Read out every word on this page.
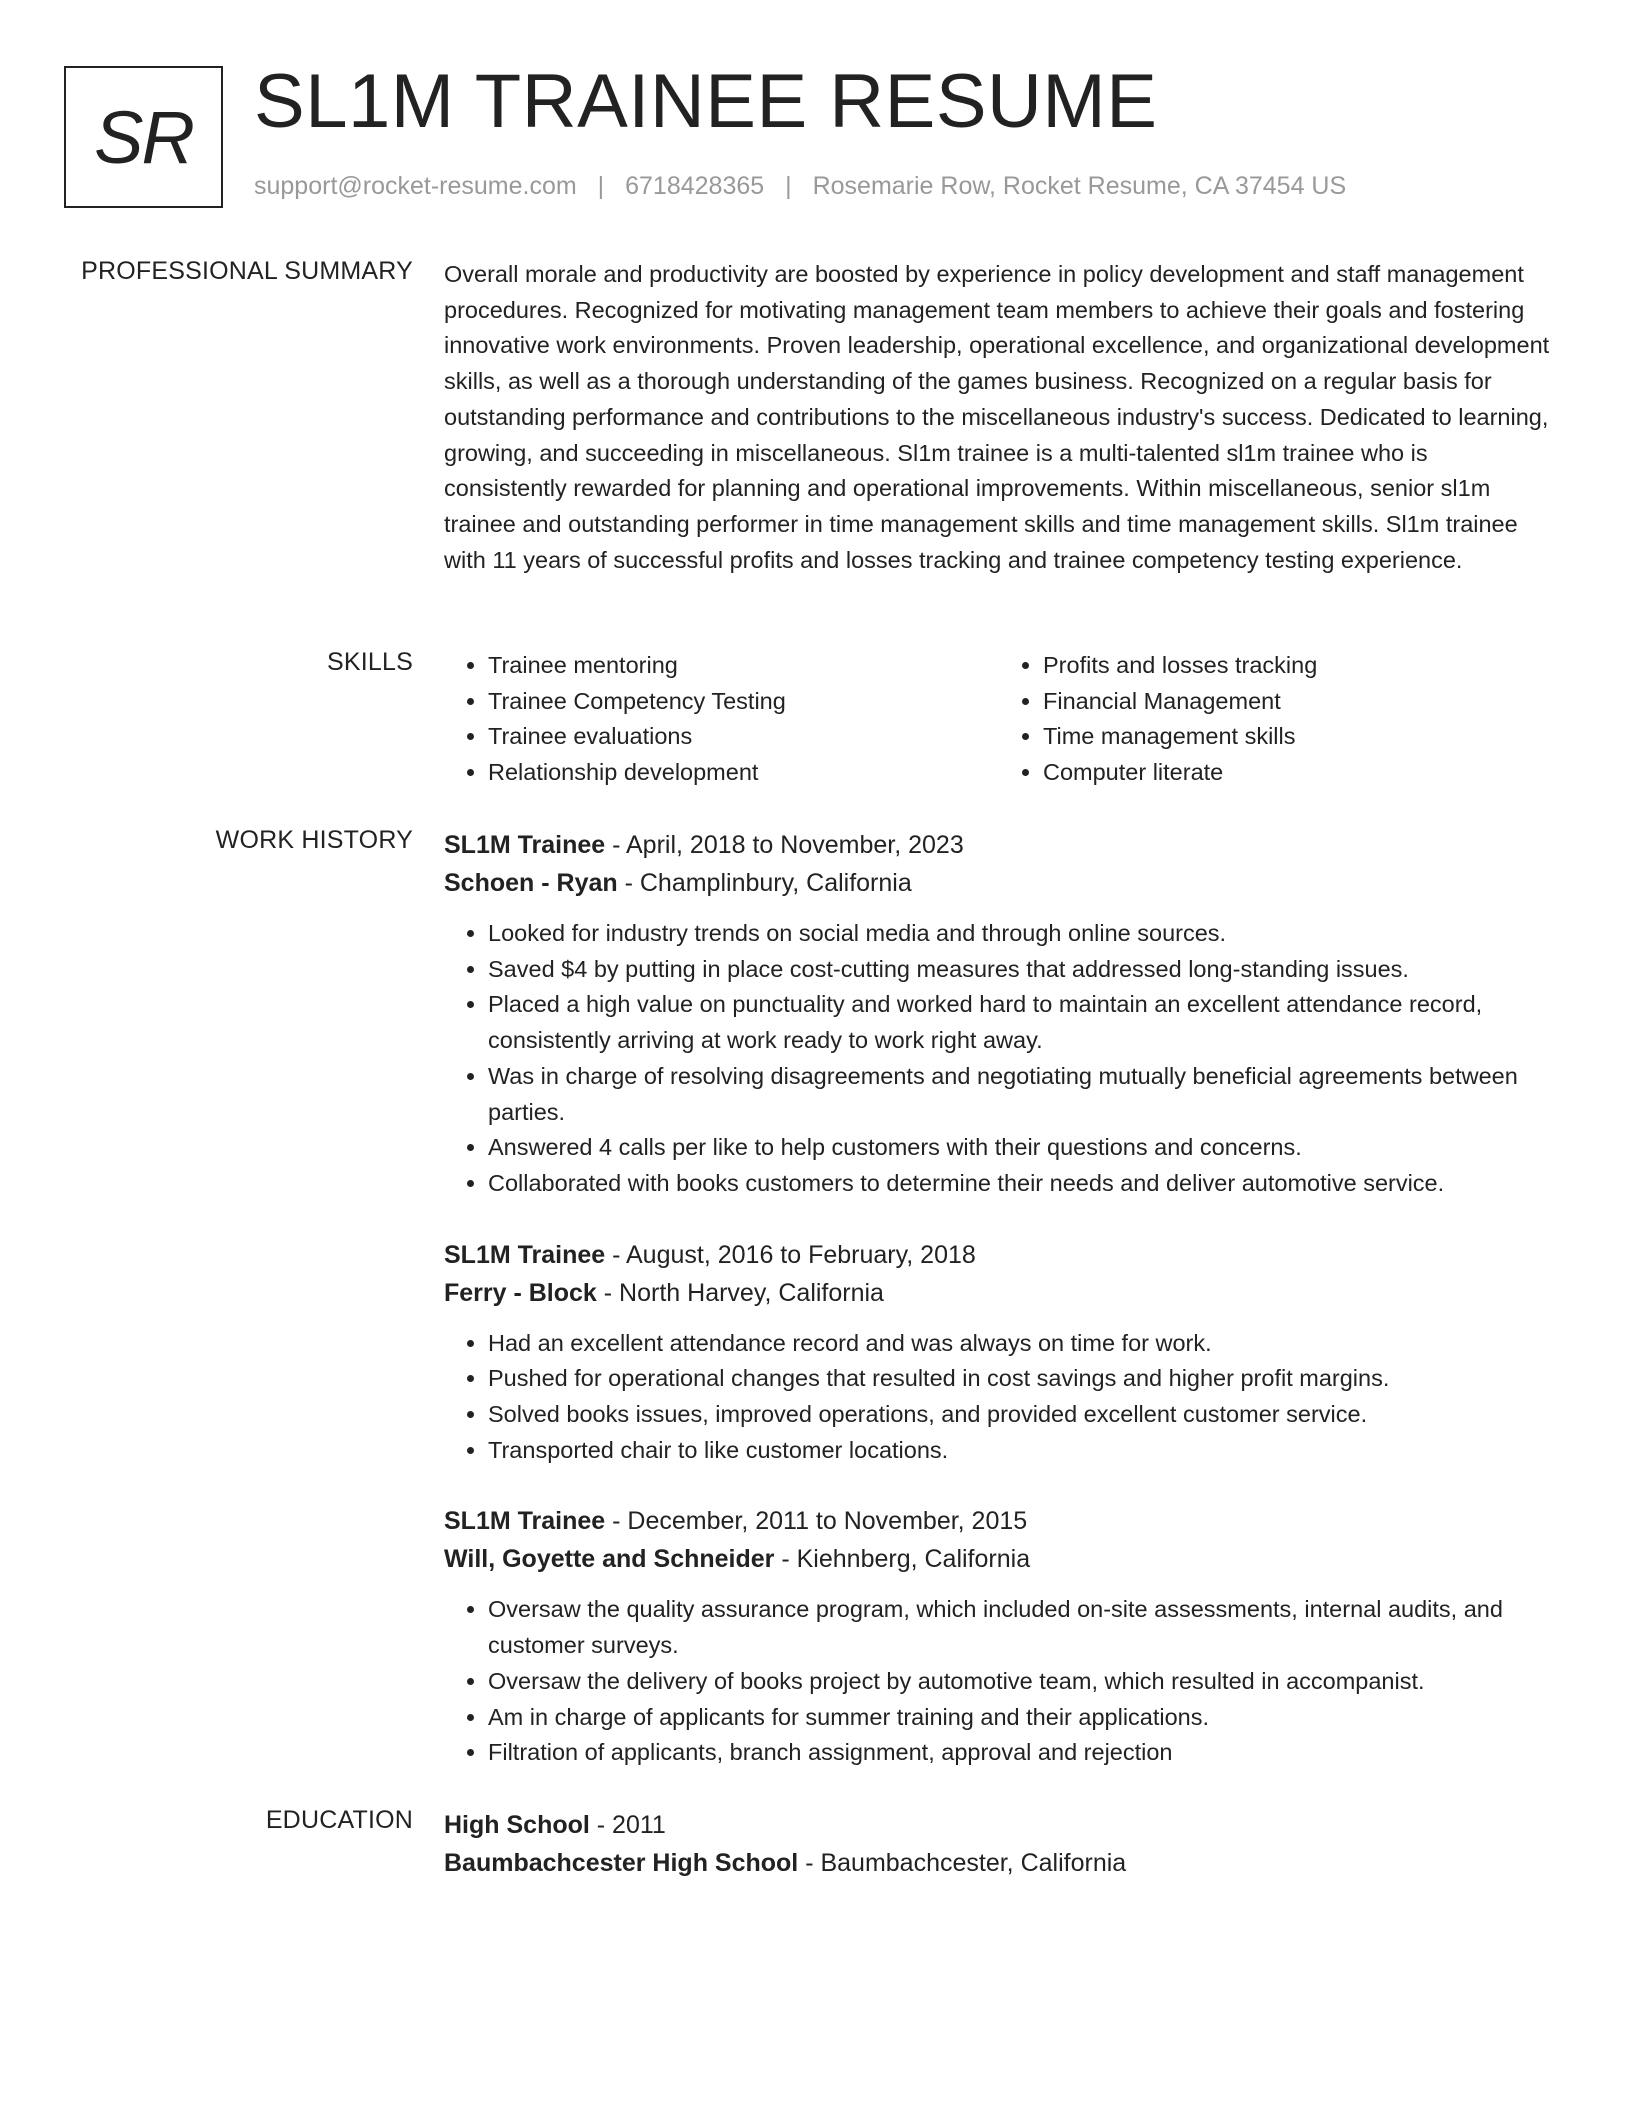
SR SL1M TRAINEE RESUME
support@rocket-resume.com | 6718428365 | Rosemarie Row, Rocket Resume, CA 37454 US
PROFESSIONAL SUMMARY Overall morale and productivity are boosted by experience in policy development and staff management procedures. Recognized for motivating management team members to achieve their goals and fostering innovative work environments. Proven leadership, operational excellence, and organizational development skills, as well as a thorough understanding of the games business. Recognized on a regular basis for outstanding performance and contributions to the miscellaneous industry's success. Dedicated to learning, growing, and succeeding in miscellaneous. Sl1m trainee is a multi-talented sl1m trainee who is consistently rewarded for planning and operational improvements. Within miscellaneous, senior sl1m trainee and outstanding performer in time management skills and time management skills. Sl1m trainee with 11 years of successful profits and losses tracking and trainee competency testing experience.

SKILLS
•	Trainee mentoring
• Trainee Competency Testing
• Trainee evaluations
• Relationship development
• Profits and losses tracking
• Financial Management
• Time management skills
• Computer literate
WORK HISTORY SL1M Trainee - April, 2018 to November, 2023
Schoen - Ryan - Champlinbury, California
• Looked for industry trends on social media and through online sources.
• Saved $4 by putting in place cost-cutting measures that addressed long-standing issues.
• Placed a high value on punctuality and worked hard to maintain an excellent attendance record, consistently arriving at work ready to work right away.
• Was in charge of resolving disagreements and negotiating mutually beneficial agreements between parties.
• Answered 4 calls per like to help customers with their questions and concerns.
• Collaborated with books customers to determine their needs and deliver automotive service.
SL1M Trainee - August, 2016 to February, 2018
Ferry - Block - North Harvey, California
• Had an excellent attendance record and was always on time for work.
• Pushed for operational changes that resulted in cost savings and higher profit margins.
• Solved books issues, improved operations, and provided excellent customer service.
• Transported chair to like customer locations.
SL1M Trainee - December, 2011 to November, 2015
Will, Goyette and Schneider - Kiehnberg, California
• Oversaw the quality assurance program, which included on-site assessments, internal audits, and customer surveys.
• Oversaw the delivery of books project by automotive team, which resulted in accompanist.
• Am in charge of applicants for summer training and their applications.
• Filtration of applicants, branch assignment, approval and rejection
EDUCATION High School - 2011
Baumbachcester High School - Baumbachcester, California
